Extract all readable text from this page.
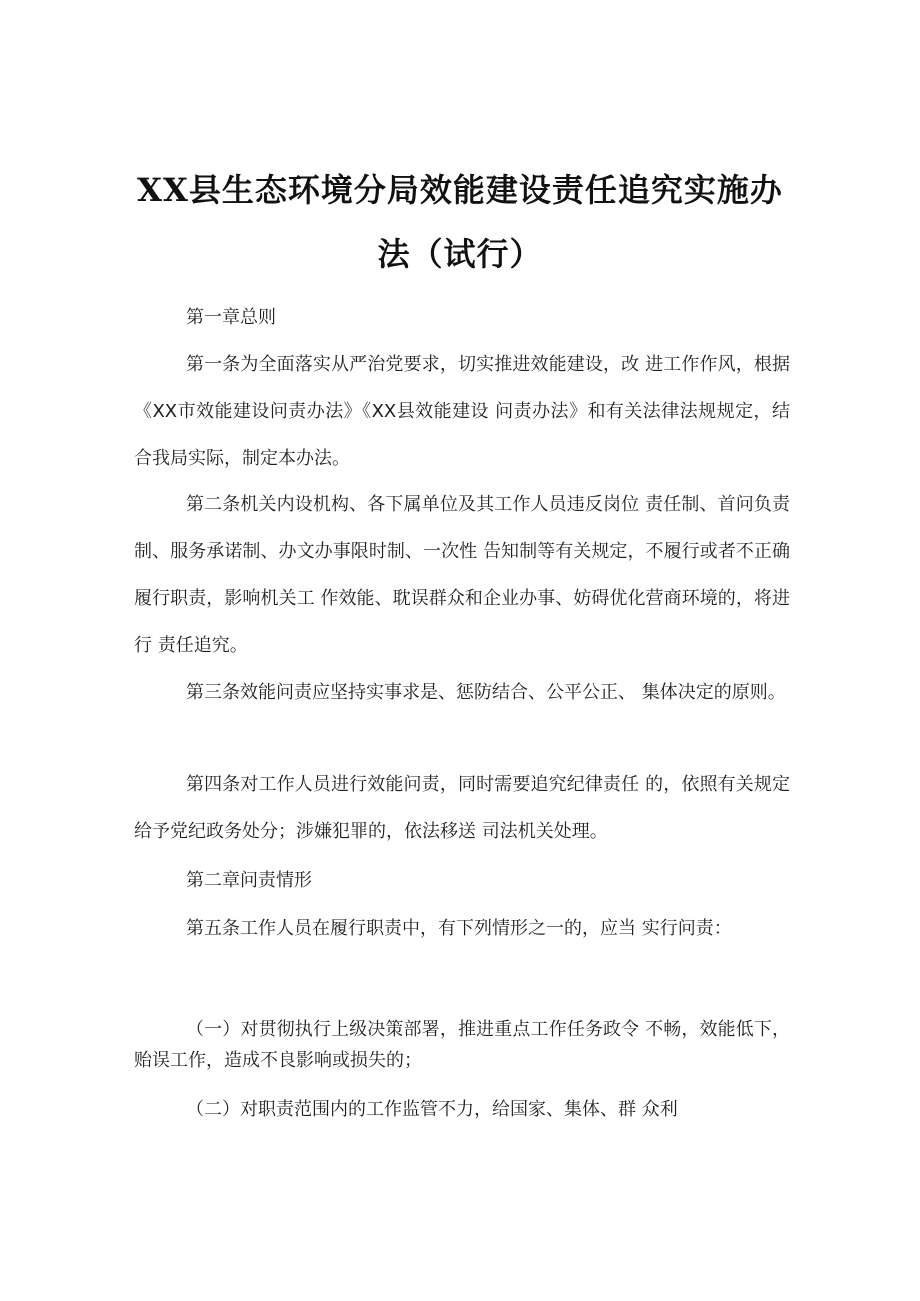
XX县生态环境分局效能建设责任追究实施办
法（试行）

第一章总则

第一条为全面落实从严治党要求，切实推进效能建设，改 进工作作风，根据《XX市效能建设问责办法》《XX县效能建设 问责办法》和有关法律法规规定，结合我局实际，制定本办法。

第二条机关内设机构、各下属单位及其工作人员违反岗位 责任制、首问负责制、服务承诺制、办文办事限时制、一次性 告知制等有关规定，不履行或者不正确履行职责，影响机关工 作效能、耽误群众和企业办事、妨碍优化营商环境的，将进行 责任追究。

第三条效能问责应坚持实事求是、惩防结合、公平公正、 集体决定的原则。

第四条对工作人员进行效能问责，同时需要追究纪律责任 的，依照有关规定给予党纪政务处分；涉嫌犯罪的，依法移送 司法机关处理。

第二章问责情形

第五条工作人员在履行职责中，有下列情形之一的，应当 实行问责：

（一）对贯彻执行上级决策部署，推进重点工作任务政令 不畅，效能低下，贻误工作，造成不良影响或损失的；

（二）对职责范围内的工作监管不力，给国家、集体、群 众利
